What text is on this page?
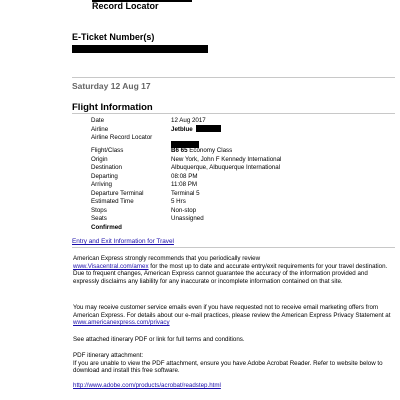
Record Locator
E-Ticket Number(s)
Saturday 12 Aug 17
Flight Information
Date	12 Aug 2017
Airline	Jetblue
Airline Record Locator
Flight/Class	B6 65 Economy Class
Origin	New York, John F Kennedy International
Destination	Albuquerque, Albuquerque International
Departing	08:08 PM
Arriving	11:08 PM
Departure Terminal	Terminal 5
Estimated Time	5 Hrs
Stops	Non-stop
Seats	Unassigned
Confirmed
Entry and Exit Information for Travel
American Express strongly recommends that you periodically review
www.Visacentral.com/amex for the most up to date and accurate entry/exit requirements for your travel destination. Due to frequent changes, American Express cannot guarantee the accuracy of the information provided and expressly disclaims any liability for any inaccurate or incomplete information contained on that site.
You may receive customer service emails even if you have requested not to receive email marketing offers from American Express. For details about our e-mail practices, please review the American Express Privacy Statement at www.americanexpress.com/privacy
See attached itinerary PDF or link for full terms and conditions.
PDF itinerary attachment:
If you are unable to view the PDF attachment, ensure you have Adobe Acrobat Reader. Refer to website below to download and install this free software.
http://www.adobe.com/products/acrobat/readstep.html
